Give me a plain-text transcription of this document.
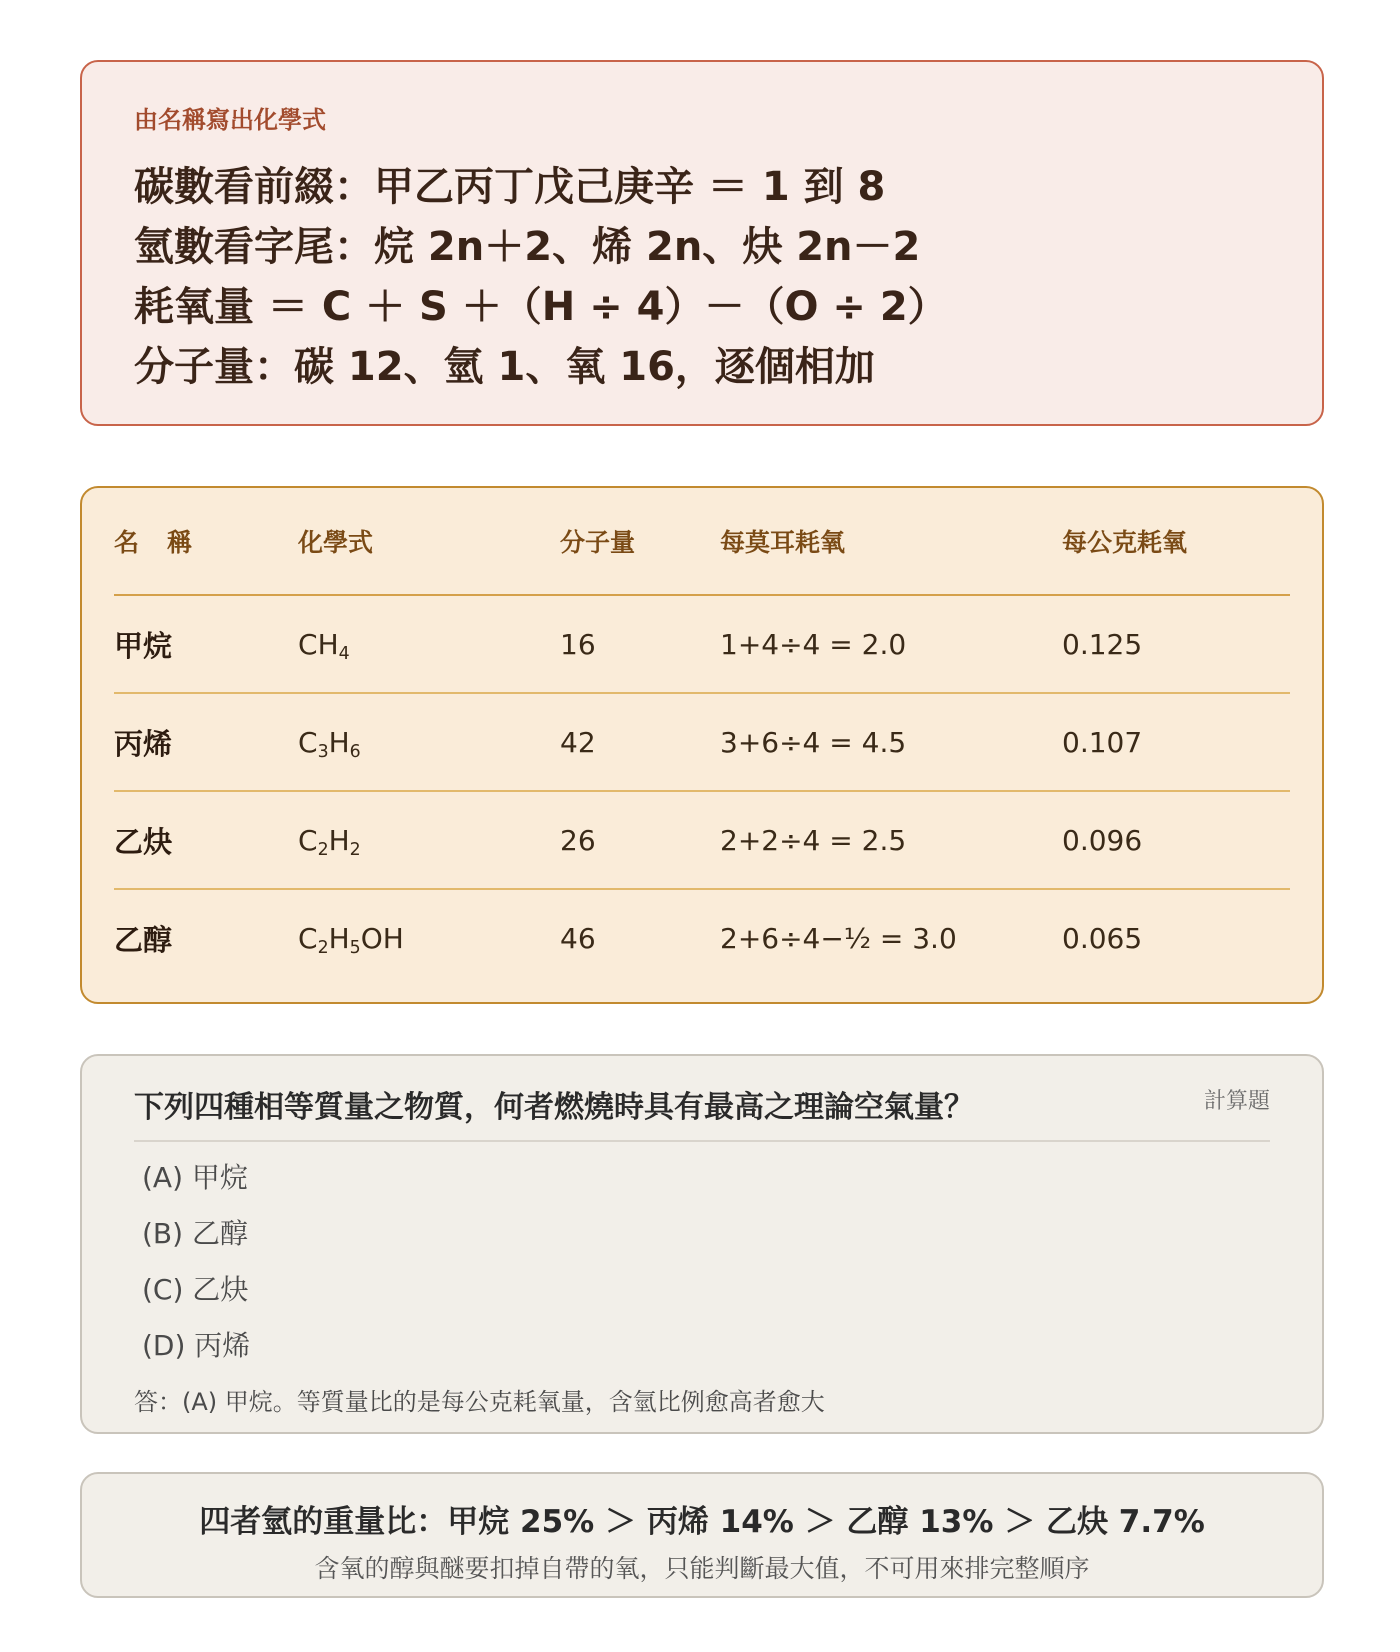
由名稱寫出化學式
碳數看前綴：甲乙丙丁戊己庚辛 ＝ 1 到 8
氫數看字尾：烷 2n＋2、烯 2n、炔 2n－2
耗氧量 ＝ C ＋ S ＋（H ÷ 4）－（O ÷ 2）
分子量：碳 12、氫 1、氧 16，逐個相加
名 稱	化學式	分子量	每莫耳耗氧	每公克耗氧
甲烷	$CH_4$	16	1+4÷4 = 2.0	0.125
丙烯	$C_3H_6$	42	3+6÷4 = 4.5	0.107
乙炔	$C_2H_2$	26	2+2÷4 = 2.5	0.096
乙醇	$C_2H_5OH$	46	2+6÷4−½ = 3.0	0.065
下列四種相等質量之物質，何者燃燒時具有最高之理論空氣量？	計算題
(A) 甲烷
(B) 乙醇
(C) 乙炔
(D) 丙烯
答：(A) 甲烷。等質量比的是每公克耗氧量，含氫比例愈高者愈大
四者氫的重量比：甲烷 25% ＞ 丙烯 14% ＞ 乙醇 13% ＞ 乙炔 7.7%
含氧的醇與醚要扣掉自帶的氧，只能判斷最大值，不可用來排完整順序
